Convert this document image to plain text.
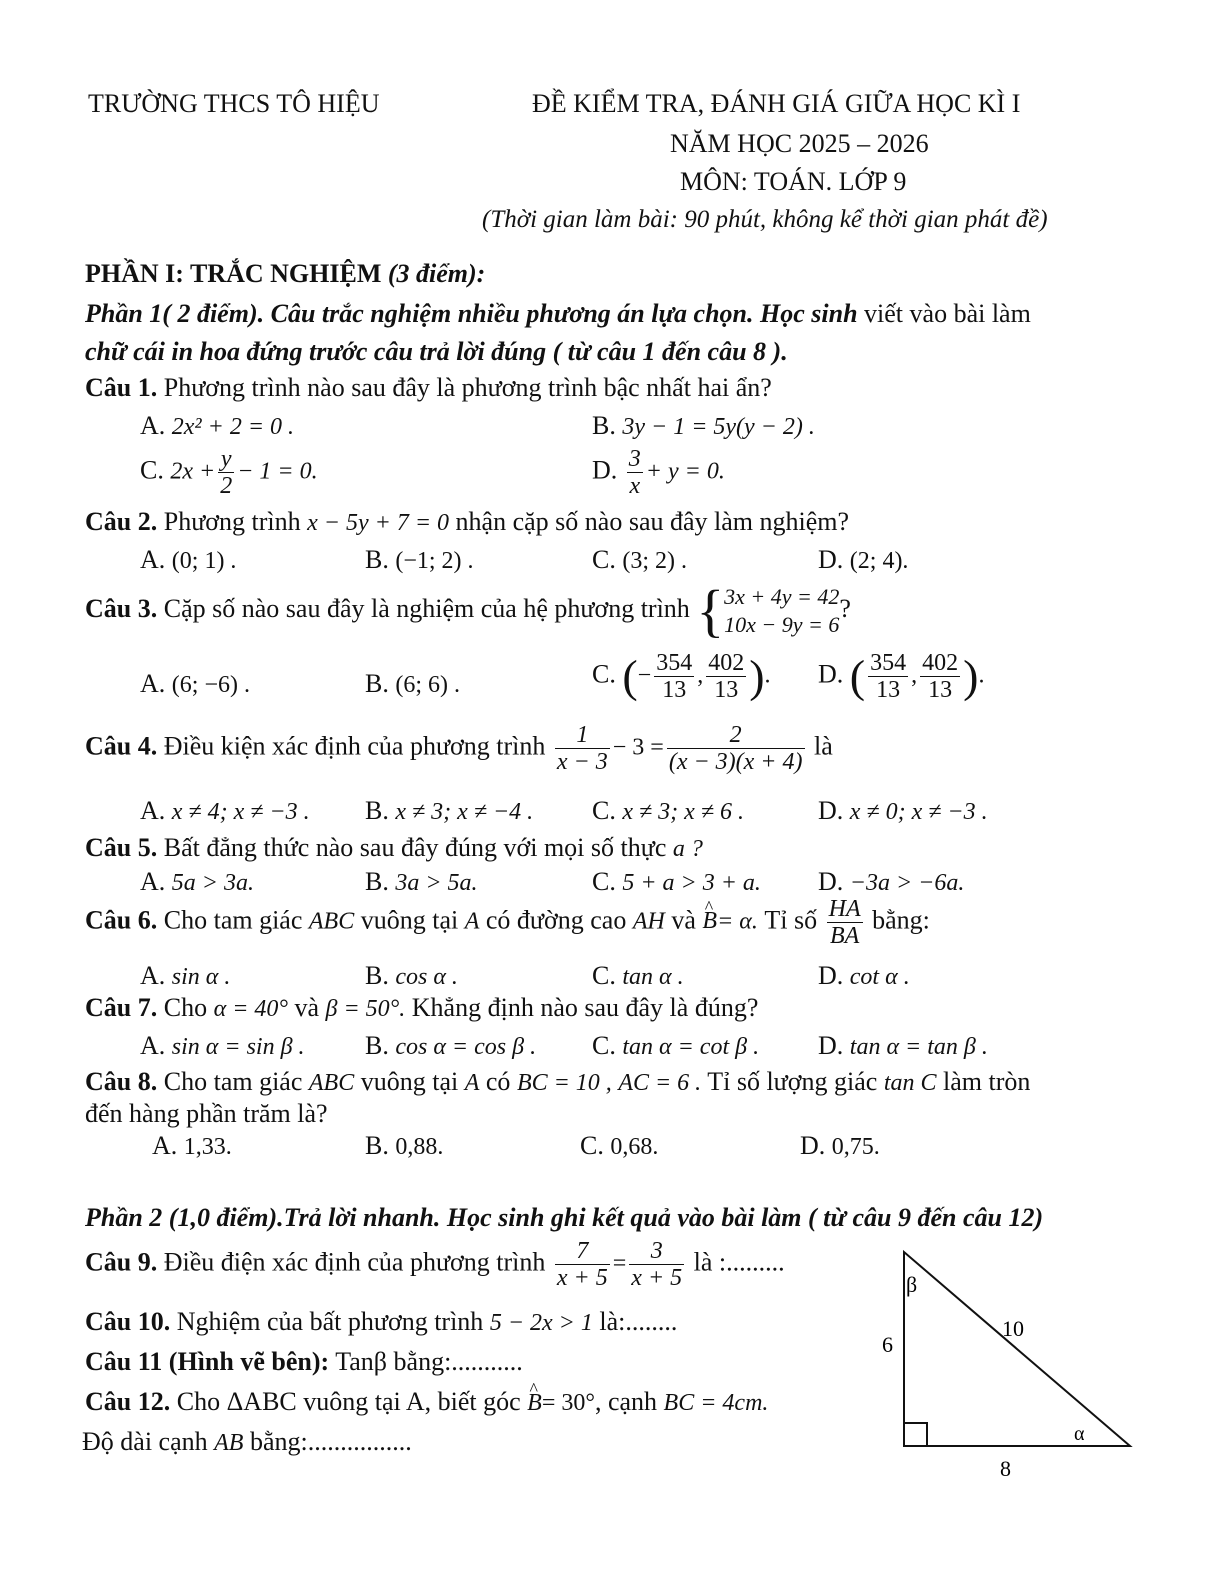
TRƯỜNG THCS TÔ HIỆU	ĐỀ KIỂM TRA, ĐÁNH GIÁ GIỮA HỌC KÌ I
NĂM HỌC 2025 – 2026
MÔN: TOÁN. LỚP 9
(Thời gian làm bài: 90 phút, không kể thời gian phát đề)
PHẦN I: TRẮC NGHIỆM (3 điểm):
Phần 1( 2 điểm). Câu trắc nghiệm nhiều phương án lựa chọn. Học sinh viết vào bài làm
chữ cái in hoa đứng trước câu trả lời đúng ( từ câu 1 đến câu 8 ).
Câu 1. Phương trình nào sau đây là phương trình bậc nhất hai ẩn?
A. 2x² + 2 = 0 .	B. 3y − 1 = 5y(y − 2) .
C. $2x + \frac{y}{2} - 1 = 0$.	D. $\frac{3}{x} + y = 0$.
Câu 2. Phương trình x − 5y + 7 = 0 nhận cặp số nào sau đây làm nghiệm?
A. (0; 1) .	B. (−1; 2) .	C. (3; 2) .	D. (2; 4).
Câu 3. Cặp số nào sau đây là nghiệm của hệ phương trình { 3x + 4y = 42
10x − 9y = 6
?
A. (6; −6) .	B. (6; 6) .	C. (− $\frac{354}{13}$ , $\frac{402}{13}$ ). D. ( $\frac{354}{13}$ , $\frac{402}{13}$ ).
Câu 4. Điều kiện xác định của phương trình $\frac{1}{x - 3} - 3 = \frac{2}{(x - 3)(x + 4)}$ là
A. x ≠ 4; x ≠ −3 . B. x ≠ 3; x ≠ −4 . C. x ≠ 3; x ≠ 6 .	D. x ≠ 0; x ≠ −3 .
Câu 5. Bất đẳng thức nào sau đây đúng với mọi số thực a ?
A. 5a > 3a.	B. 3a > 5a.	C. 5 + a > 3 + a. D. −3a > −6a.
Câu 6. Cho tam giác ABC vuông tại A có đường cao AH và ^ B= α. Tỉ số $\frac{HA}{BA}$ bằng:
A. sin α .	B. cos α .	C. tan α .	D. cot α .
Câu 7. Cho α = 40° và β = 50°. Khẳng định nào sau đây là đúng?
A. sin α = sin β . B. cos α = cos β . C. tan α = cot β . D. tan α = tan β .
Câu 8. Cho tam giác ABC vuông tại A có BC = 10 , AC = 6 . Tỉ số lượng giác tan C làm tròn
đến hàng phần trăm là?
A. 1,33.	B. 0,88.	C. 0,68.	D. 0,75.
Phần 2 (1,0 điểm).Trả lời nhanh. Học sinh ghi kết quả vào bài làm ( từ câu 9 đến câu 12)
Câu 9. Điều điện xác định của phương trình $\frac{7}{x + 5} = \frac{3}{x + 5}$ là :.........
Câu 10. Nghiệm của bất phương trình 5 − 2x > 1 là:........
Câu 11 (Hình vẽ bên): Tanβ bằng:...........
Câu 12. Cho ΔABC vuông tại A, biết góc ^ B= 30°, cạnh BC = 4cm.
Độ dài cạnh AB bằng:................
β
α
6
10
8
